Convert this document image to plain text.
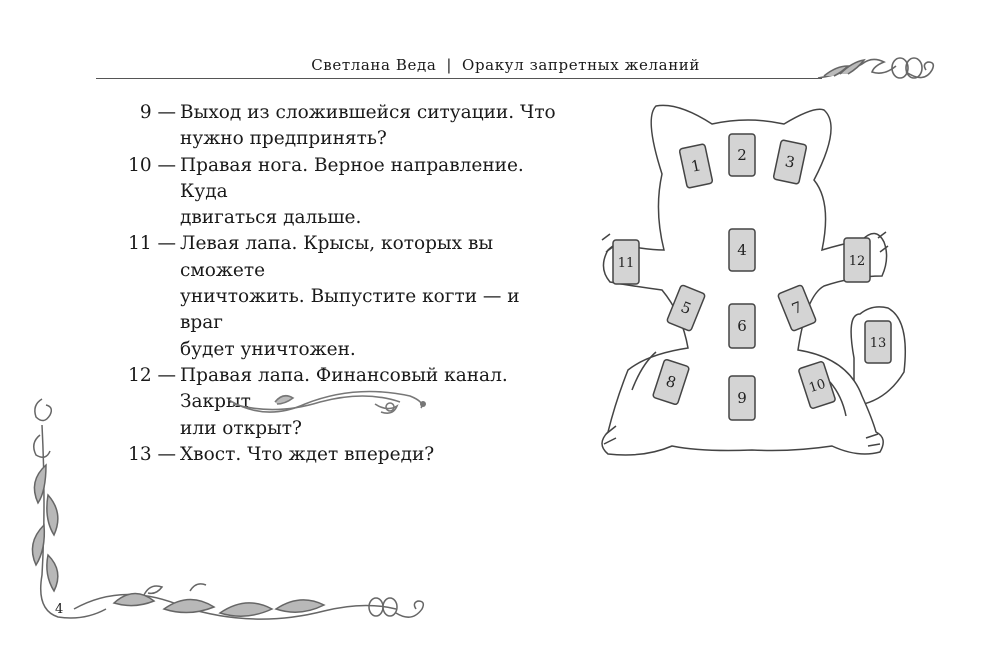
Светлана Веда | Оракул запретных желаний
9 — Выход из сложившейся ситуации. Что
нужно предпринять?
10 — Правая нога. Верное направление. Куда
двигаться дальше.
11 — Левая лапа. Крысы, которых вы сможете
уничтожить. Выпустите когти — и враг
будет уничтожен.
12 — Правая лапа. Финансовый канал. Закрыт
или открыт?
13 — Хвост. Что ждет впереди?
4
1
2 3
4
5
6
7
8
9
10
11	12
13
